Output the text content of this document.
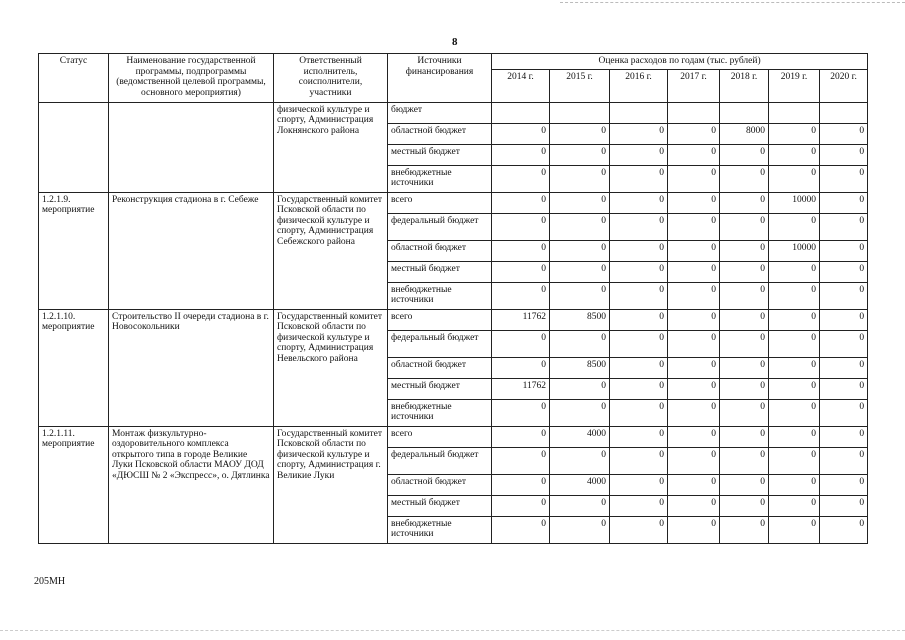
8
Статус	Наименование государственной программы, подпрограммы (ведомственной целевой программы, основного мероприятия)	Ответственный исполнитель, соисполнители, участники	Источники финансирования	Оценка расходов по годам (тыс. рублей)						
				2014 г.	2015 г.	2016 г.	2017 г.	2018 г.	2019 г.	2020 г.
		физической культуре и спорту, Администрация Локнянского района	бюджет							
			областной бюджет	0	0	0	0	8000	0	0
			местный бюджет	0	0	0	0	0	0	0
			внебюджетные источники	0	0	0	0	0	0	0
1.2.1.9. мероприятие	Реконструкция стадиона в г. Себеже	Государственный комитет Псковской области по физической культуре и спорту, Администрация Себежского района	всего	0	0	0	0	0	10000	0
			федеральный бюджет	0	0	0	0	0	0	0
			областной бюджет	0	0	0	0	0	10000	0
			местный бюджет	0	0	0	0	0	0	0
			внебюджетные источники	0	0	0	0	0	0	0
1.2.1.10. мероприятие	Строительство II очереди стадиона в г. Новосокольники	Государственный комитет Псковской области по физической культуре и спорту, Администрация Невельского района	всего	11762	8500	0	0	0	0	0
			федеральный бюджет	0	0	0	0	0	0	0
			областной бюджет	0	8500	0	0	0	0	0
			местный бюджет	11762	0	0	0	0	0	0
			внебюджетные источники	0	0	0	0	0	0	0
1.2.1.11. мероприятие	Монтаж физкультурно-оздоровительного комплекса открытого типа в городе Великие Луки Псковской области МАОУ ДОД «ДЮСШ № 2 «Экспресс», о. Дятлинка	Государственный комитет Псковской области по физической культуре и спорту, Администрация г. Великие Луки	всего	0	4000	0	0	0	0	0
			федеральный бюджет	0	0	0	0	0	0	0
			областной бюджет	0	4000	0	0	0	0	0
			местный бюджет	0	0	0	0	0	0	0
			внебюджетные источники	0	0	0	0	0	0	0
205МН
